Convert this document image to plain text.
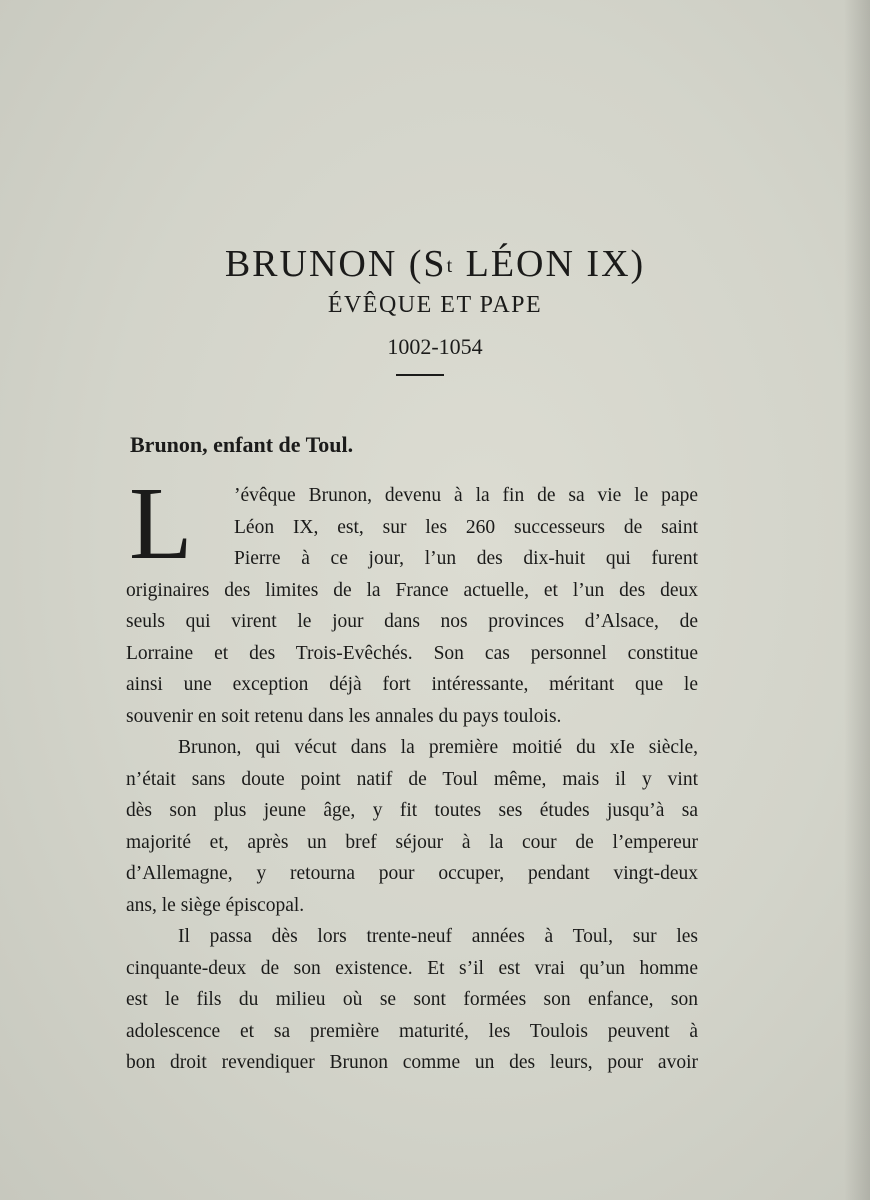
BRUNON ($S^t$ LÉON IX)
ÉVÊQUE ET PAPE
1002-1054
Brunon, enfant de Toul.
L	’évêque Brunon, devenu à la fin de sa vie le pape
Léon IX, est, sur les 260 successeurs de saint
Pierre à ce jour, l’un des dix-huit qui furent
originaires des limites de la France actuelle, et l’un des deux
seuls qui virent le jour dans nos provinces d’Alsace, de
Lorraine et des Trois-Evêchés. Son cas personnel constitue
ainsi une exception déjà fort intéressante, méritant que le
souvenir en soit retenu dans les annales du pays toulois.
Brunon, qui vécut dans la première moitié du xIe siècle,
n’était sans doute point natif de Toul même, mais il y vint
dès son plus jeune âge, y fit toutes ses études jusqu’à sa
majorité et, après un bref séjour à la cour de l’empereur
d’Allemagne, y retourna pour occuper, pendant vingt-deux
ans, le siège épiscopal.
Il passa dès lors trente-neuf années à Toul, sur les
cinquante-deux de son existence. Et s’il est vrai qu’un homme
est le fils du milieu où se sont formées son enfance, son
adolescence et sa première maturité, les Toulois peuvent à
bon droit revendiquer Brunon comme un des leurs, pour avoir
